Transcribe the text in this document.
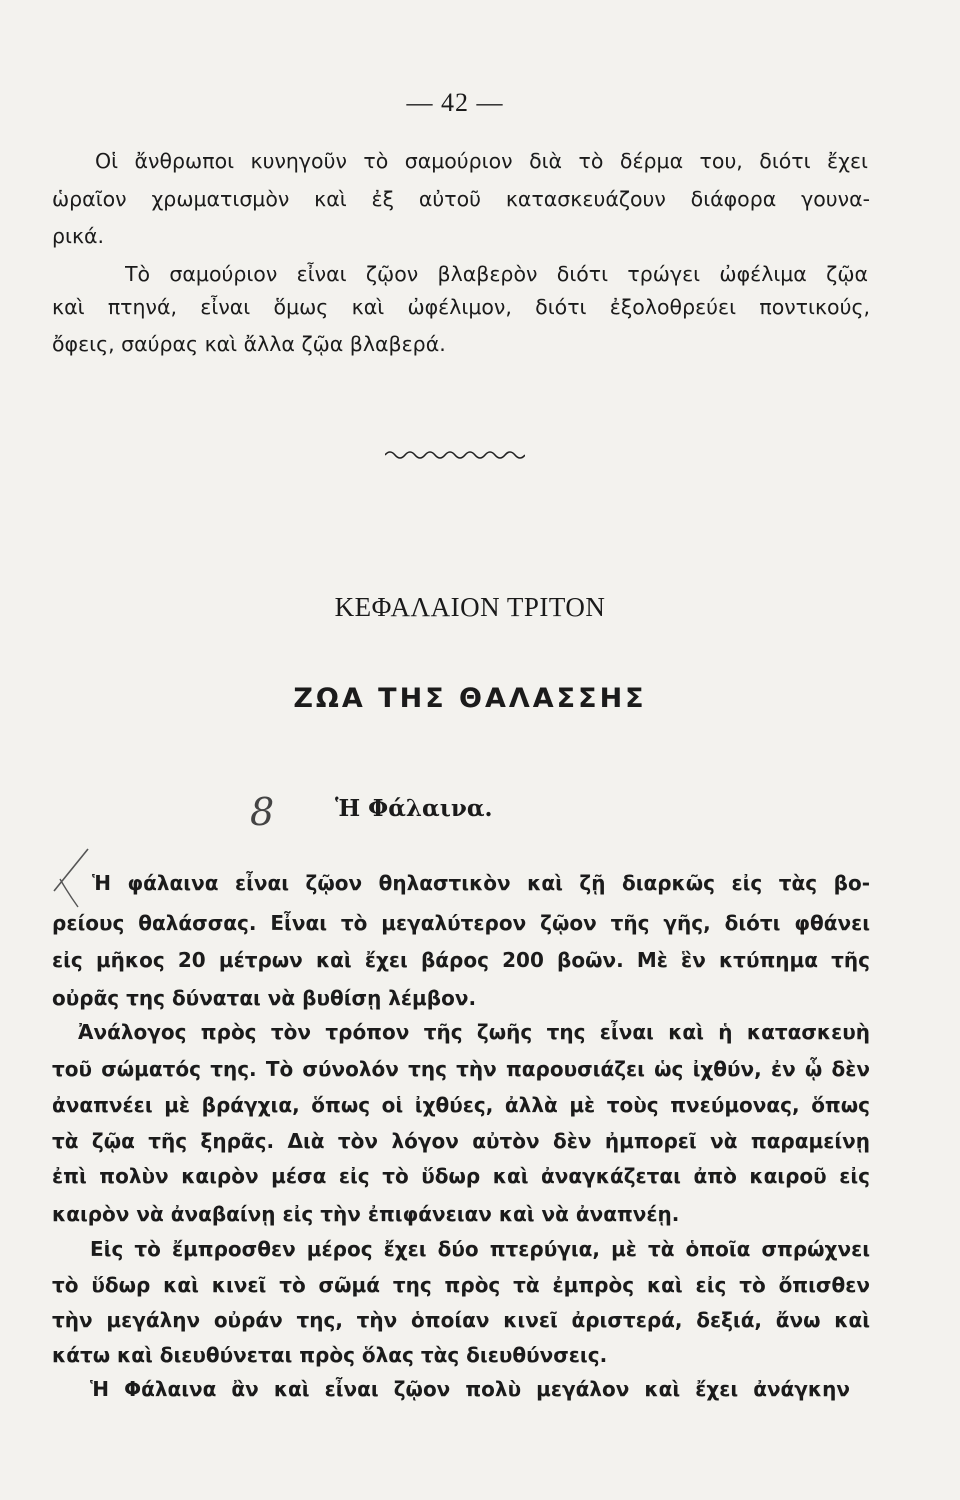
— 42 —
Οἱ ἄνθρωποι κυνηγοῦν τὸ σαμούριον διὰ τὸ δέρμα του, διότι ἔχει
ὡραῖον χρωματισμὸν καὶ ἐξ αὐτοῦ κατασκευάζουν διάφορα γουνα-
ρικά.
Τὸ σαμούριον εἶναι ζῷον βλαβερὸν διότι τρώγει ὠφέλιμα ζῷα
καὶ πτηνά, εἶναι ὅμως καὶ ὠφέλιμον, διότι ἐξολοθρεύει ποντικούς,
ὄφεις, σαύρας καὶ ἄλλα ζῷα βλαβερά.
ΚΕΦΑΛΑΙΟΝ ΤΡΙΤΟΝ
ΖΩΑ ΤΗΣ ΘΑΛΑΣΣΗΣ
8	Ἡ Φάλαινα.
Ἡ φάλαινα εἶναι ζῷον θηλαστικὸν καὶ ζῇ διαρκῶς εἰς τὰς βο-
ρείους θαλάσσας. Εἶναι τὸ μεγαλύτερον ζῷον τῆς γῆς, διότι φθάνει
εἰς μῆκος 20 μέτρων καὶ ἔχει βάρος 200 βοῶν. Μὲ ἓν κτύπημα τῆς
οὐρᾶς της δύναται νὰ βυθίσῃ λέμβον.
Ἀνάλογος πρὸς τὸν τρόπον τῆς ζωῆς της εἶναι καὶ ἡ κατασκευὴ
τοῦ σώματός της. Τὸ σύνολόν της τὴν παρουσιάζει ὡς ἰχθύν, ἐν ᾧ δὲν
ἀναπνέει μὲ βράγχια, ὅπως οἱ ἰχθύες, ἀλλὰ μὲ τοὺς πνεύμονας, ὅπως
τὰ ζῷα τῆς ξηρᾶς. Διὰ τὸν λόγον αὐτὸν δὲν ἠμπορεῖ νὰ παραμείνῃ
ἐπὶ πολὺν καιρὸν μέσα εἰς τὸ ὕδωρ καὶ ἀναγκάζεται ἀπὸ καιροῦ εἰς
καιρὸν νὰ ἀναβαίνῃ εἰς τὴν ἐπιφάνειαν καὶ νὰ ἀναπνέῃ.
Εἰς τὸ ἔμπροσθεν μέρος ἔχει δύο πτερύγια, μὲ τὰ ὁποῖα σπρώχνει
τὸ ὕδωρ καὶ κινεῖ τὸ σῶμά της πρὸς τὰ ἐμπρὸς καὶ εἰς τὸ ὄπισθεν
τὴν μεγάλην οὐράν της, τὴν ὁποίαν κινεῖ ἀριστερά, δεξιά, ἄνω καὶ
κάτω καὶ διευθύνεται πρὸς ὅλας τὰς διευθύνσεις.
Ἡ Φάλαινα ἂν καὶ εἶναι ζῷον πολὺ μεγάλον καὶ ἔχει ἀνάγκην
